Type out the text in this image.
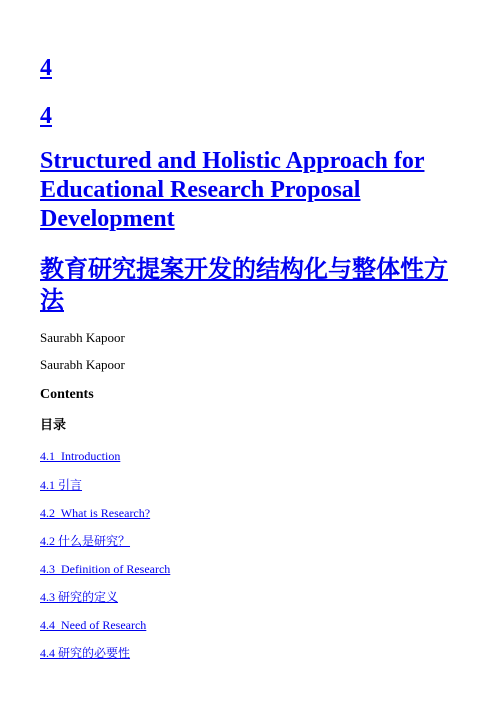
4
4
Structured and Holistic Approach for Educational Research Proposal Development
教育研究提案开发的结构化与整体性方法

Saurabh Kapoor

Saurabh Kapoor

Contents
目录

4.1 Introduction

4.1 引言

4.2 What is Research?

4.2 什么是研究？

4.3 Definition of Research

4.3 研究的定义

4.4 Need of Research

4.4 研究的必要性
